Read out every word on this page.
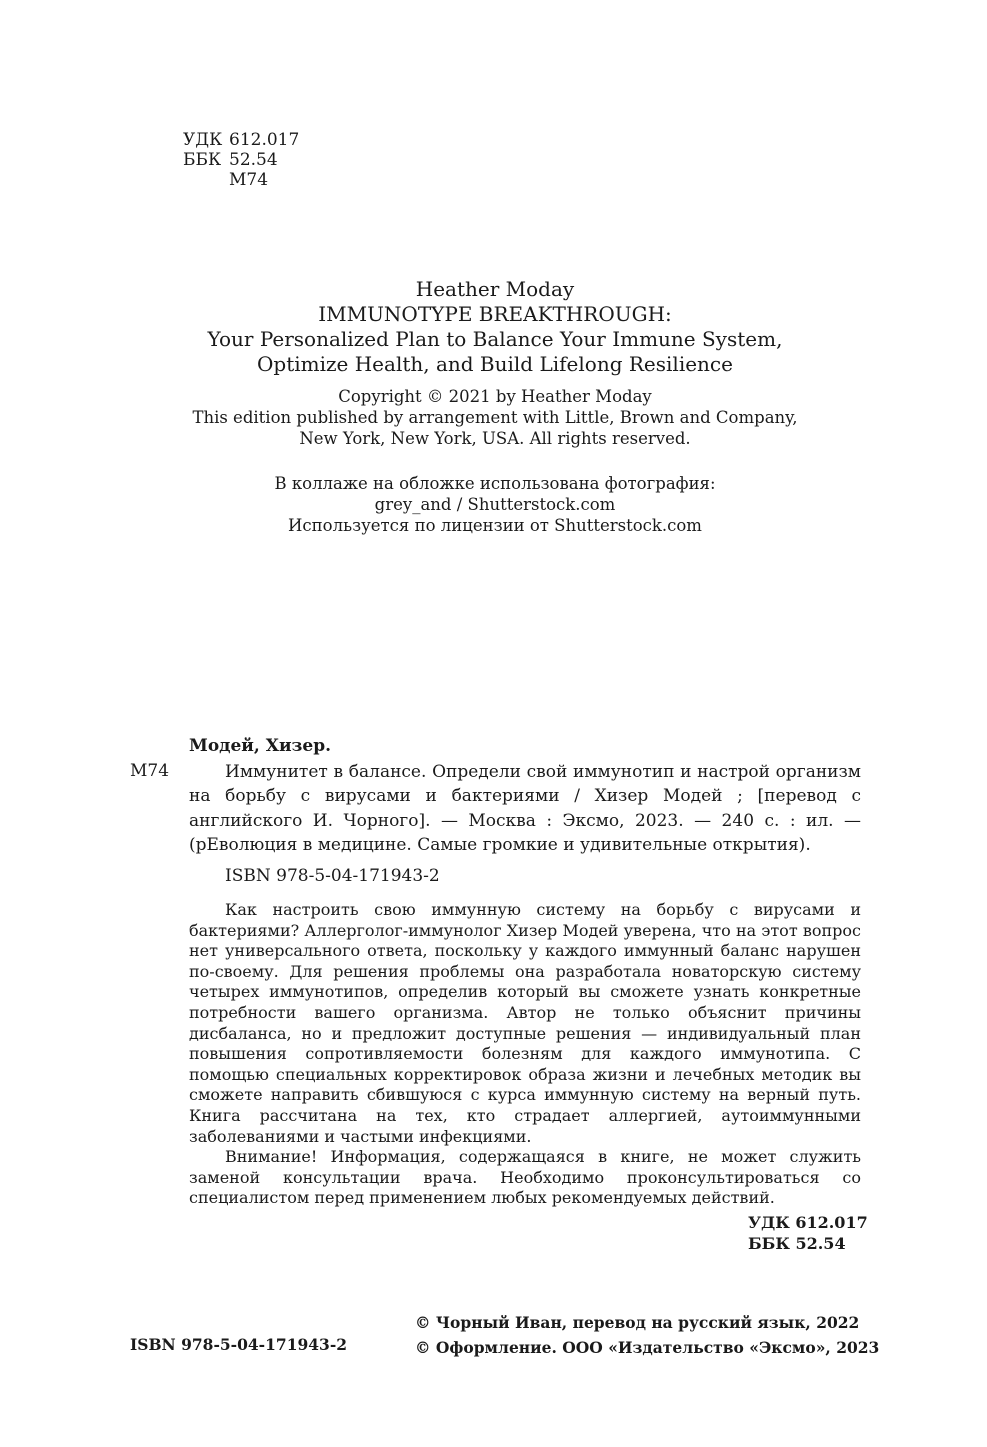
УДК 612.017
ББК 52.54
М74
Heather Moday
IMMUNOTYPE BREAKTHROUGH:
Your Personalized Plan to Balance Your Immune System,
Optimize Health, and Build Lifelong Resilience
Copyright © 2021 by Heather Moday
This edition published by arrangement with Little, Brown and Company,
New York, New York, USA. All rights reserved.
В коллаже на обложке использована фотография:
grey_and / Shutterstock.com
Используется по лицензии от Shutterstock.com
Модей, Хизер.
М74	Иммунитет в балансе. Определи свой иммунотип и настрой организм на борьбу с вирусами и бактериями / Хизер Модей ; [перевод с английского И. Чорного]. — Москва : Эксмо, 2023. — 240 с. : ил. — (рЕволюция в медицине. Самые громкие и удивительные открытия).

ISBN 978-5-04-171943-2

Как настроить свою иммунную систему на борьбу с вирусами и бактериями? Аллерголог-иммунолог Хизер Модей уверена, что на этот вопрос нет универсального ответа, поскольку у каждого иммунный баланс нарушен по-своему. Для решения проблемы она разработала новаторскую систему четырех иммунотипов, определив который вы сможете узнать конкретные потребности вашего организма. Автор не только объяснит причины дисбаланса, но и предложит доступные решения — индивидуальный план повышения сопротивляемости болезням для каждого иммунотипа. С помощью специальных корректировок образа жизни и лечебных методик вы сможете направить сбившуюся с курса иммунную систему на верный путь. Книга рассчитана на тех, кто страдает аллергией, аутоиммунными заболеваниями и частыми инфекциями.

Внимание! Информация, содержащаяся в книге, не может служить заменой консультации врача. Необходимо проконсультироваться со специалистом перед применением любых рекомендуемых действий.

УДК 612.017
ББК 52.54
© Чорный Иван, перевод на русский язык, 2022
© Оформление. ООО «Издательство «Эксмо», 2023
ISBN 978-5-04-171943-2
